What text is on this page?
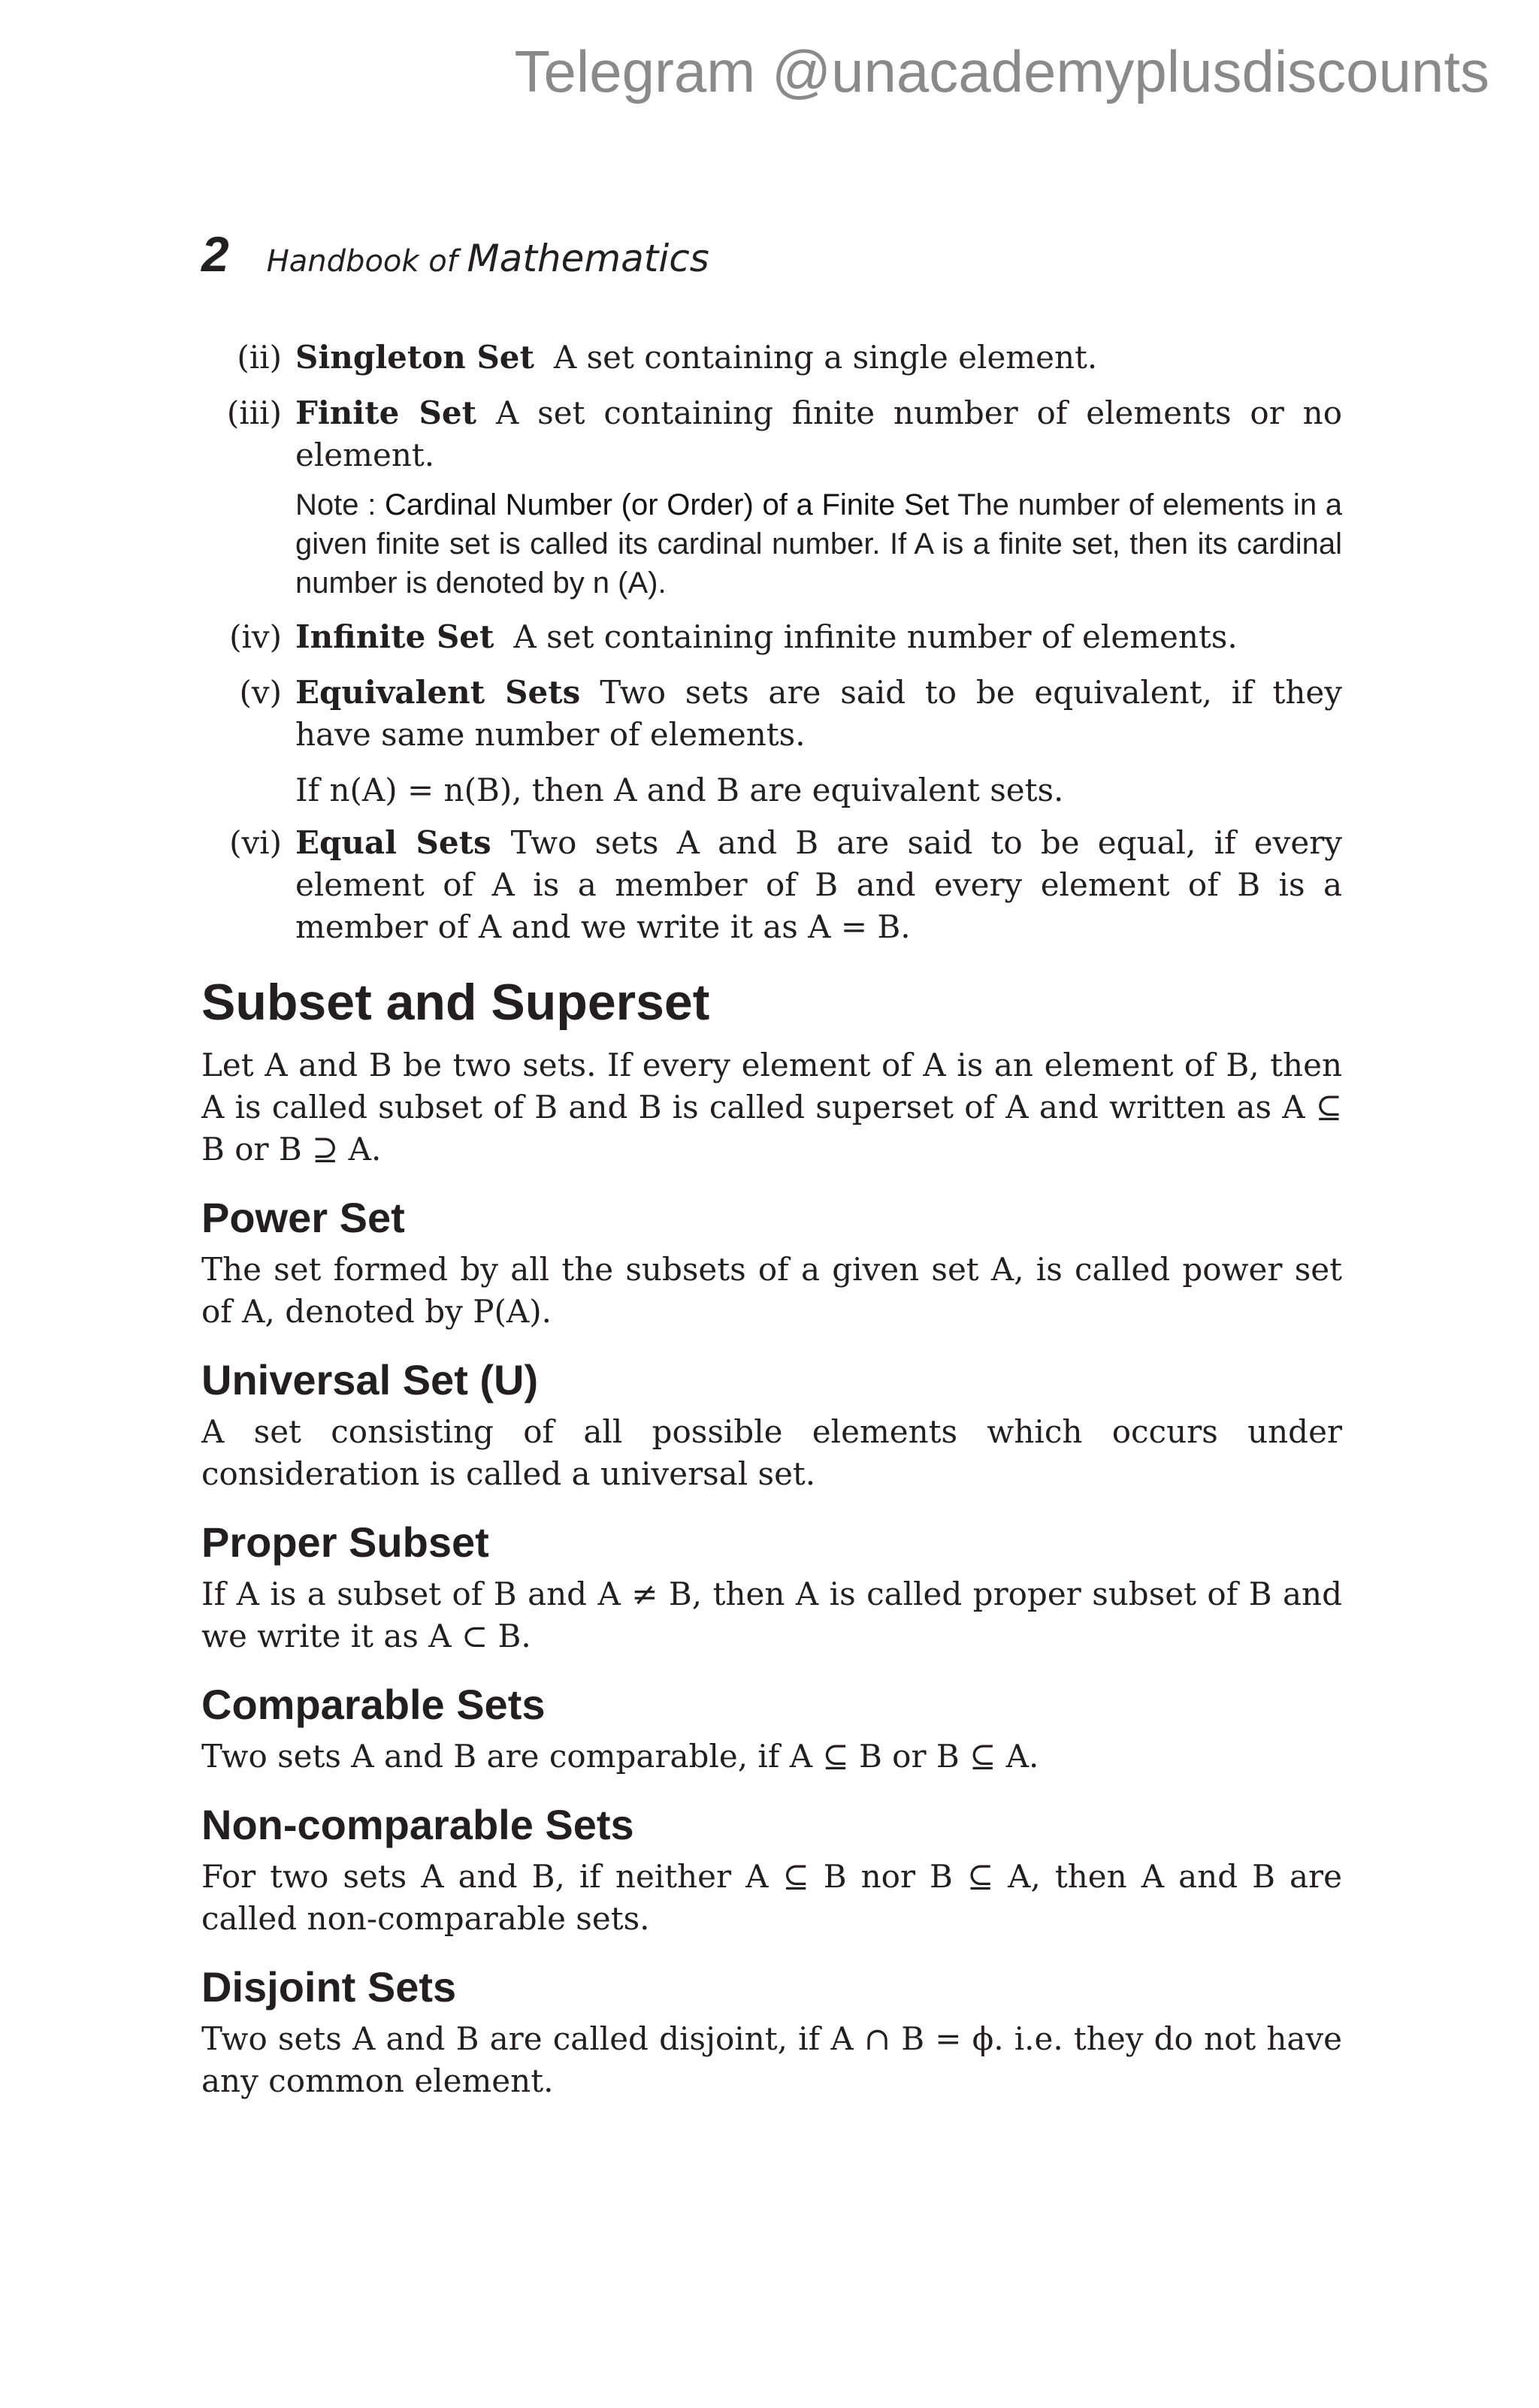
Telegram @unacademyplusdiscounts
2 Handbook of Mathematics
(ii) Singleton Set A set containing a single element.
(iii) Finite Set A set containing finite number of elements or no element.
Note : Cardinal Number (or Order) of a Finite Set The number of elements in a given finite set is called its cardinal number. If A is a finite set, then its cardinal number is denoted by n (A).
(iv) Infinite Set A set containing infinite number of elements.
(v) Equivalent Sets Two sets are said to be equivalent, if they have same number of elements.
If n(A) = n(B), then A and B are equivalent sets.
(vi) Equal Sets Two sets A and B are said to be equal, if every element of A is a member of B and every element of B is a member of A and we write it as A = B.
Subset and Superset

Let A and B be two sets. If every element of A is an element of B, then A is called subset of B and B is called superset of A and written as A ⊆ B or B ⊇ A.

Power Set

The set formed by all the subsets of a given set A, is called power set of A, denoted by P(A).

Universal Set (U)

A set consisting of all possible elements which occurs under consideration is called a universal set.

Proper Subset

If A is a subset of B and A ≠ B, then A is called proper subset of B and we write it as A ⊂ B.

Comparable Sets

Two sets A and B are comparable, if A ⊆ B or B ⊆ A.

Non-comparable Sets

For two sets A and B, if neither A ⊆ B nor B ⊆ A, then A and B are called non-comparable sets.

Disjoint Sets

Two sets A and B are called disjoint, if A ∩ B = ϕ. i.e. they do not have any common element.
